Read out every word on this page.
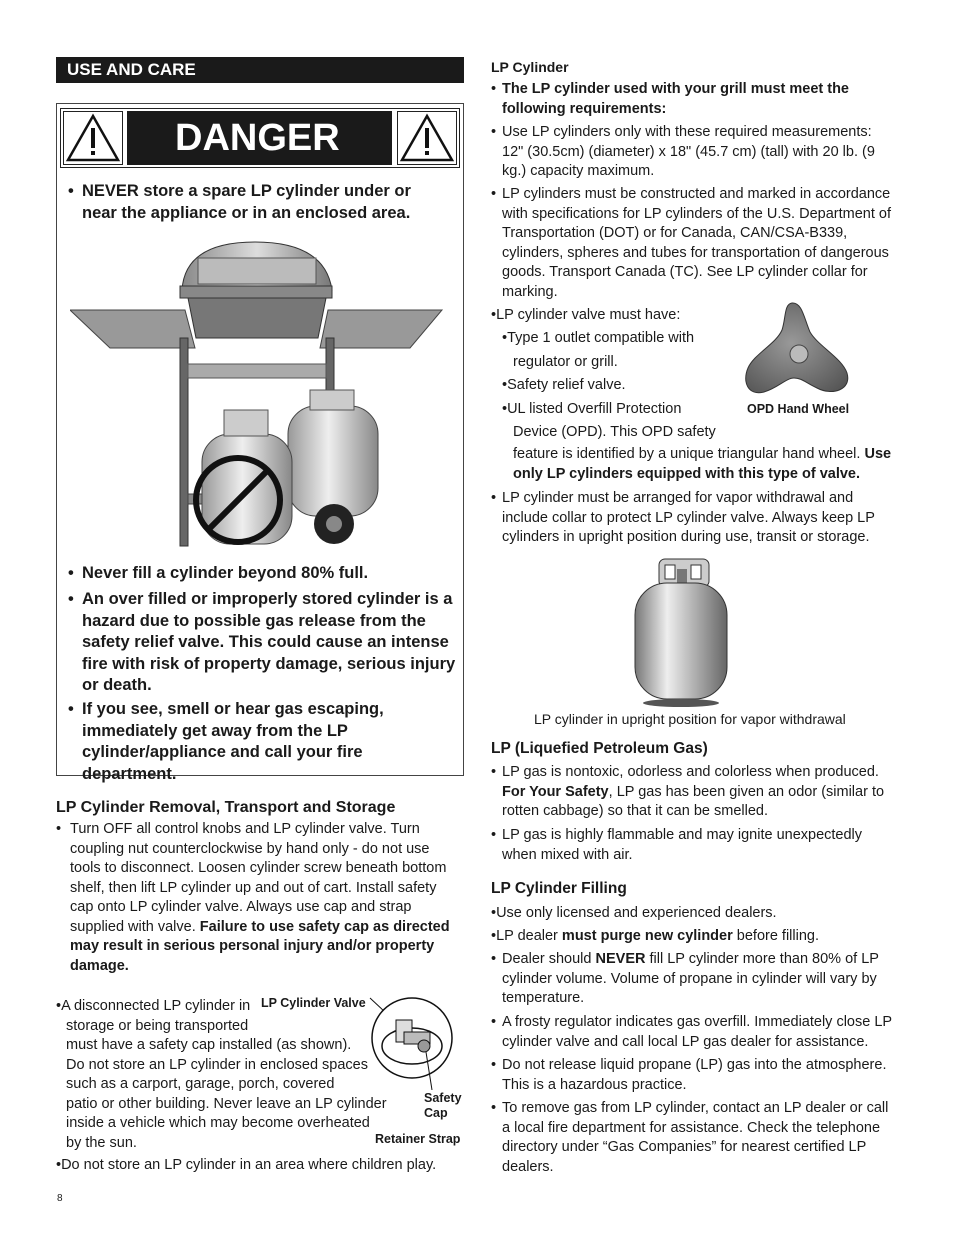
USE AND CARE
DANGER
• NEVER store a spare LP cylinder under or near the appliance or in an enclosed area.
• Never fill a cylinder beyond 80% full.
• An over filled or improperly stored cylinder is a hazard due to possible gas release from the safety relief valve. This could cause an intense fire with risk of property damage, serious injury or death.
• If you see, smell or hear gas escaping, immediately get away from the LP cylinder/appliance and call your fire department.
LP Cylinder Removal, Transport and Storage
• Turn OFF all control knobs and LP cylinder valve. Turn coupling nut counterclockwise by hand only - do not use tools to disconnect. Loosen cylinder screw beneath bottom shelf, then lift LP cylinder up and out of cart. Install safety cap onto LP cylinder valve. Always use cap and strap supplied with valve. Failure to use safety cap as directed may result in serious personal injury and/or property damage.
•A disconnected LP cylinder in
storage or being transported
must have a safety cap installed (as shown).
Do not store an LP cylinder in enclosed spaces
such as a carport, garage, porch, covered
patio or other building. Never leave an LP cylinder
inside a vehicle which may become overheated
by the sun.
•Do not store an LP cylinder in an area where children play.
LP Cylinder Valve
Safety
Cap
Retainer Strap
LP Cylinder
• The LP cylinder used with your grill must meet the following requirements:
• Use LP cylinders only with these required measurements: 12" (30.5cm) (diameter) x 18" (45.7 cm) (tall) with 20 lb. (9 kg.) capacity maximum.
• LP cylinders must be constructed and marked in accordance with specifications for LP cylinders of the U.S. Department of Transportation (DOT) or for Canada, CAN/CSA-B339, cylinders, spheres and tubes for transportation of dangerous goods. Transport Canada (TC). See LP cylinder collar for marking.
•LP cylinder valve must have:
•Type 1 outlet compatible with
regulator or grill.
•Safety relief valve.
•UL listed Overfill Protection
Device (OPD). This OPD safety
feature is identified by a unique triangular hand wheel. Use only LP cylinders equipped with this type of valve.
OPD Hand Wheel
• LP cylinder must be arranged for vapor withdrawal and include collar to protect LP cylinder valve. Always keep LP cylinders in upright position during use, transit or storage.
LP cylinder in upright position for vapor withdrawal
LP (Liquefied Petroleum Gas)
• LP gas is nontoxic, odorless and colorless when produced. For Your Safety, LP gas has been given an odor (similar to rotten cabbage) so that it can be smelled.
• LP gas is highly flammable and may ignite unexpectedly when mixed with air.
LP Cylinder Filling
•Use only licensed and experienced dealers.
•LP dealer must purge new cylinder before filling.
• Dealer should NEVER fill LP cylinder more than 80% of LP cylinder volume. Volume of propane in cylinder will vary by temperature.
• A frosty regulator indicates gas overfill. Immediately close LP cylinder valve and call local LP gas dealer for assistance.
• Do not release liquid propane (LP) gas into the atmosphere. This is a hazardous practice.
• To remove gas from LP cylinder, contact an LP dealer or call a local fire department for assistance. Check the telephone directory under “Gas Companies” for nearest certified LP dealers.
8
